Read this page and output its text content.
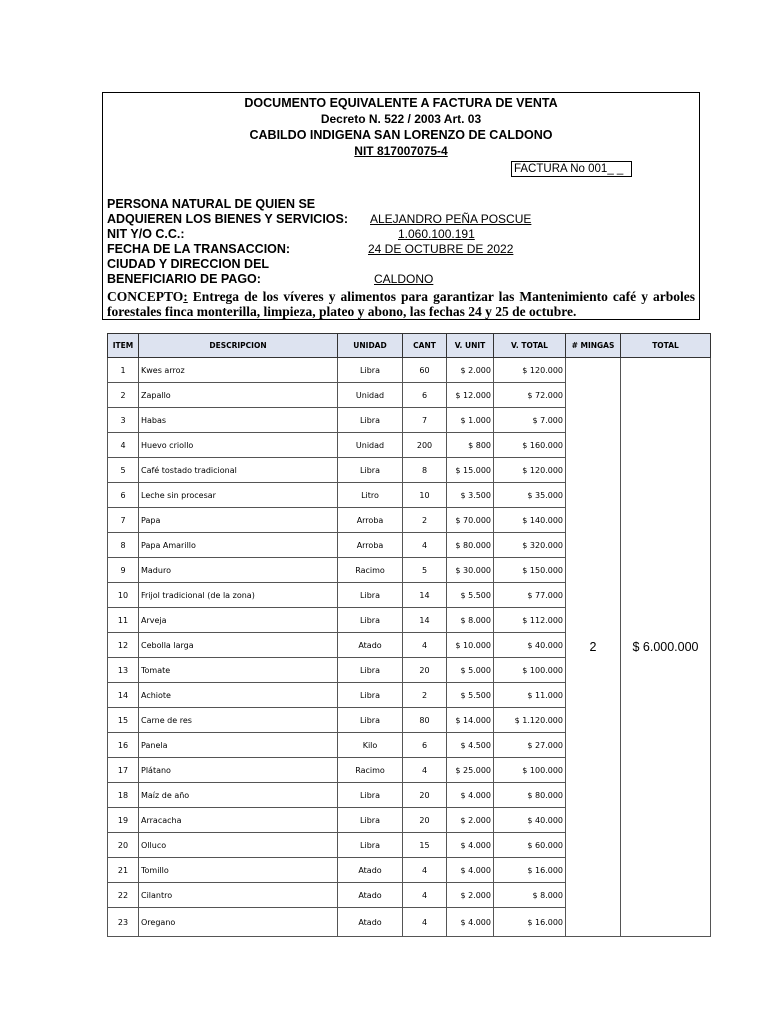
DOCUMENTO EQUIVALENTE A FACTURA DE VENTA
Decreto N. 522 / 2003 Art. 03
CABILDO INDIGENA SAN LORENZO DE CALDONO
NIT 817007075-4
FACTURA No 001_ _
PERSONA NATURAL DE QUIEN SE
ADQUIEREN LOS BIENES Y SERVICIOS: ALEJANDRO PEÑA POSCUE
NIT Y/O C.C.:	1.060.100.191
FECHA DE LA TRANSACCION:	24 DE OCTUBRE DE 2022
CIUDAD Y DIRECCION DEL
BENEFICIARIO DE PAGO:	CALDONO
CONCEPTO: Entrega de los víveres y alimentos para garantizar las Mantenimiento café y arboles forestales finca monterilla, limpieza, plateo y abono, las fechas 24 y 25 de octubre.
ITEM	DESCRIPCION	UNIDAD	CANT	V. UNIT	V. TOTAL	# MINGAS	TOTAL
1	Kwes arroz	Libra	60	$ 2.000	$ 120.000	2	$ 6.000.000
2	Zapallo	Unidad	6	$ 12.000	$ 72.000		
3	Habas	Libra	7	$ 1.000	$ 7.000		
4	Huevo criollo	Unidad	200	$ 800	$ 160.000		
5	Café tostado tradicional	Libra	8	$ 15.000	$ 120.000		
6	Leche sin procesar	Litro	10	$ 3.500	$ 35.000		
7	Papa	Arroba	2	$ 70.000	$ 140.000		
8	Papa Amarillo	Arroba	4	$ 80.000	$ 320.000		
9	Maduro	Racimo	5	$ 30.000	$ 150.000		
10	Frijol tradicional (de la zona)	Libra	14	$ 5.500	$ 77.000		
11	Arveja	Libra	14	$ 8.000	$ 112.000		
12	Cebolla larga	Atado	4	$ 10.000	$ 40.000		
13	Tomate	Libra	20	$ 5.000	$ 100.000		
14	Achiote	Libra	2	$ 5.500	$ 11.000		
15	Carne de res	Libra	80	$ 14.000	$ 1.120.000		
16	Panela	Kilo	6	$ 4.500	$ 27.000		
17	Plátano	Racimo	4	$ 25.000	$ 100.000		
18	Maíz de año	Libra	20	$ 4.000	$ 80.000		
19	Arracacha	Libra	20	$ 2.000	$ 40.000		
20	Olluco	Libra	15	$ 4.000	$ 60.000		
21	Tomillo	Atado	4	$ 4.000	$ 16.000		
22	Cilantro	Atado	4	$ 2.000	$ 8.000		
23	Oregano	Atado	4	$ 4.000	$ 16.000		
